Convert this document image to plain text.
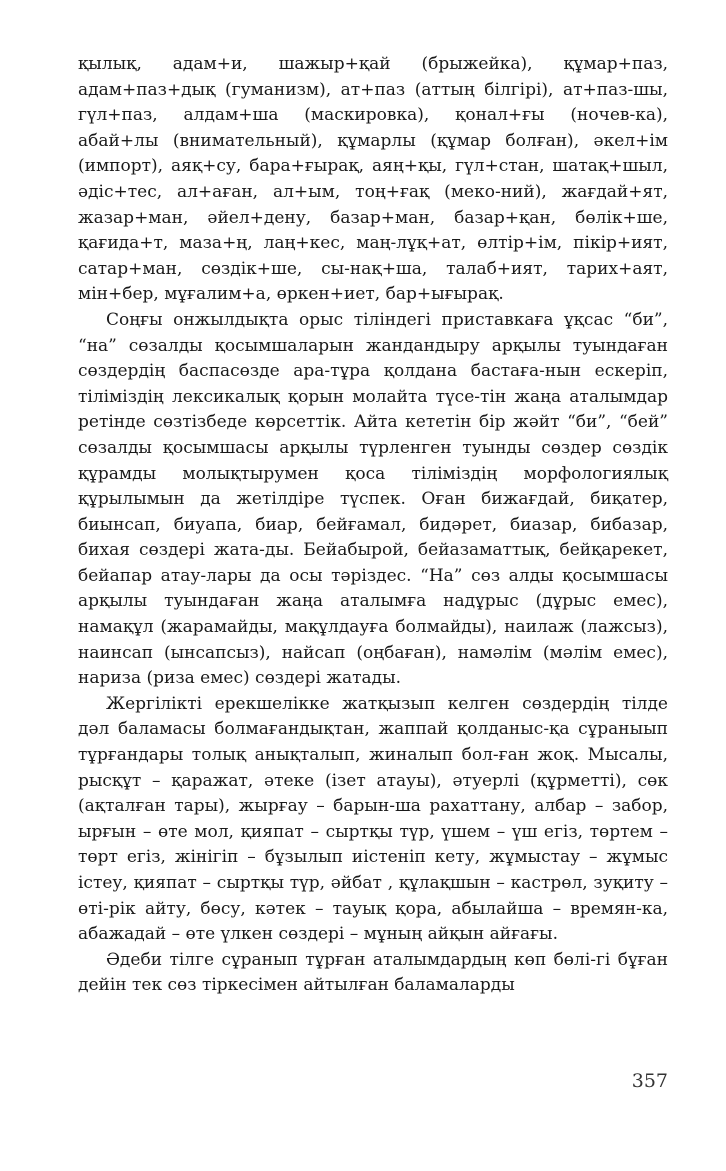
қылық, адам+и, шажыр+қай (брыжейка), құмар+паз, адам+паз+дық (гуманизм), ат+паз (аттың білгірі), ат+паз-шы, гүл+паз, алдам+ша (маскировка), қонал+ғы (ночев-ка), абай+лы (внимательный), құмарлы (құмар болған), әкел+ім (импорт), аяқ+су, бара+ғырақ, аяң+қы, гүл+стан, шатақ+шыл, әдіс+тес, ал+аған, ал+ым, тоң+ғақ (меко-ний), жағдай+ят, жазар+ман, әйел+дену, базар+ман, базар+қан, бөлік+ше, қағида+т, маза+ң, лаң+кес, маң-лұқ+ат, өлтір+ім, пікір+ият, сатар+ман, сөздік+ше, сы-нақ+ша, талаб+ият, тарих+аят, мін+бер, мұғалим+а, өркен+иет, бар+ығырақ.

Соңғы онжылдықта орыс тіліндегі приставкаға ұқсас “би”, “на” сөзалды қосымшаларын жандандыру арқылы туындаған сөздердің баспасөзде ара-тұра қолдана бастаға-нын ескеріп, тіліміздің лексикалық қорын молайта түсе-тін жаңа аталымдар ретінде сөзтізбеде көрсеттік. Айта кететін бір жәйт “би”, “бей” сөзалды қосымшасы арқылы түрленген туынды сөздер сөздік құрамды молықтырумен қоса тіліміздің морфологиялық құрылымын да жетілдіре түспек. Оған бижағдай, биқатер, биынсап, биуапа, биар, бейғамал, бидәрет, биазар, бибазар, бихая сөздері жата-ды. Бейабырой, бейазаматтық, бейқарекет, бейапар атау-лары да осы тәріздес. “На” сөз алды қосымшасы арқылы туындаған жаңа аталымға надұрыс (дұрыс емес), намақұл (жарамайды, мақұлдауға болмайды), наилаж (лажсыз), наинсап (ынсапсыз), найсап (оңбаған), намәлім (мәлім емес), нариза (риза емес) сөздері жатады.

Жергілікті ерекшелікке жатқызып келген сөздердің тілде дәл баламасы болмағандықтан, жаппай қолданыс-қа сұраныып тұрғандары толық анықталып, жиналып бол-ған жоқ. Мысалы, рысқұт – қаражат, әтеке (ізет атауы), әтуерлі (құрметті), сөк (ақталған тары), жырғау – барын-ша рахаттану, албар – забор, ырғын – өте мол, қияпат – сыртқы түр, үшем – үш егіз, төртем – төрт егіз, жінігіп – бұзылып иістеніп кету, жұмыстау – жұмыс істеу, қияпат – сыртқы түр, әйбат , құлақшын – кастрөл, зуқиту – өті-рік айту, бөсу, кәтек – тауық қора, абылайша – времян-ка, абажадай – өте үлкен сөздері – мұның айқын айғағы.

Әдеби тілге сұранып тұрған аталымдардың көп бөлі-гі бұған дейін тек сөз тіркесімен айтылған баламаларды

357
